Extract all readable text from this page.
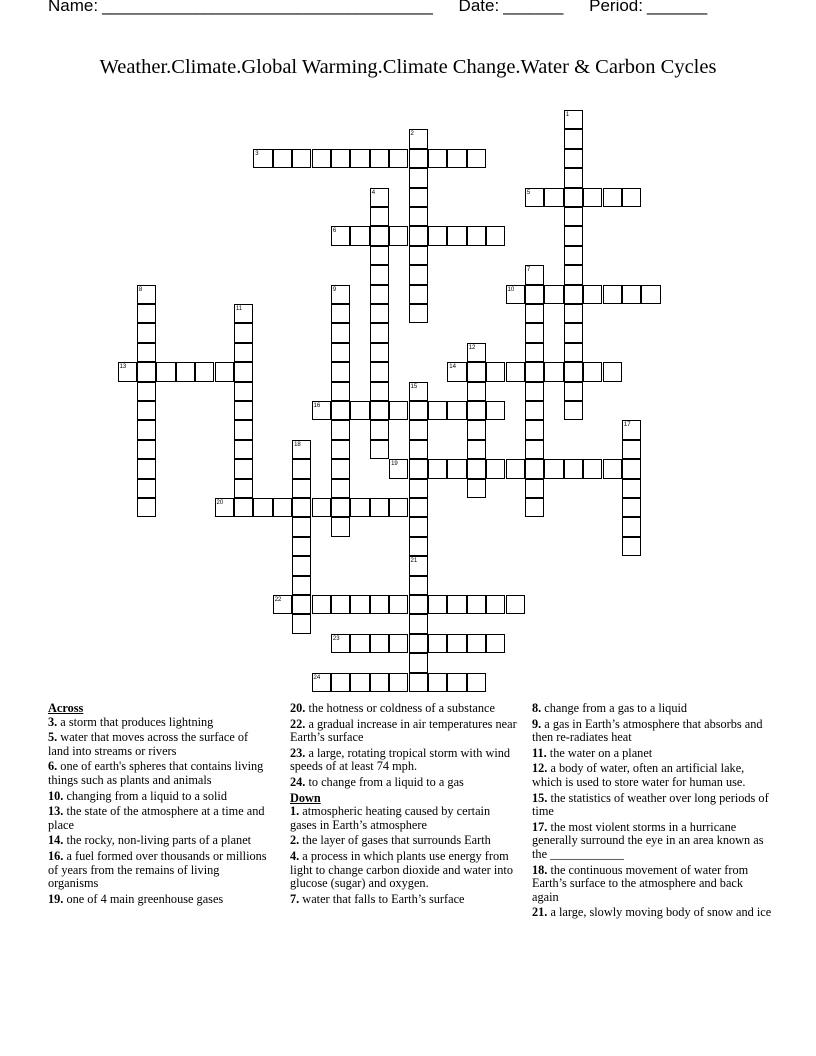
Name: _______________________________________ Date: _______ Period: _______
Weather.Climate.Global Warming.Climate Change.Water & Carbon Cycles
1
2
3
4	5
6
7
8	9	10
11
12
13	14
15
21
16
17
18
19
20
22
23
24
Across
3. a storm that produces lightning
5. water that moves across the surface of land into streams or rivers
6. one of earth's spheres that contains living things such as plants and animals
10. changing from a liquid to a solid
13. the state of the atmosphere at a time and place
14. the rocky, non-living parts of a planet
16. a fuel formed over thousands or millions of years from the remains of living organisms
19. one of 4 main greenhouse gases
20. the hotness or coldness of a substance
22. a gradual increase in air temperatures near Earth’s surface
23. a large, rotating tropical storm with wind speeds of at least 74 mph.
24. to change from a liquid to a gas
Down
1. atmospheric heating caused by certain gases in Earth’s atmosphere
2. the layer of gases that surrounds Earth
4. a process in which plants use energy from light to change carbon dioxide and water into glucose (sugar) and oxygen.
7. water that falls to Earth’s surface
8. change from a gas to a liquid
9. a gas in Earth’s atmosphere that absorbs and then re-radiates heat
11. the water on a planet
12. a body of water, often an artificial lake, which is used to store water for human use.
15. the statistics of weather over long periods of time
17. the most violent storms in a hurricane generally surround the eye in an area known as the ____________
18. the continuous movement of water from Earth’s surface to the atmosphere and back again
21. a large, slowly moving body of snow and ice
